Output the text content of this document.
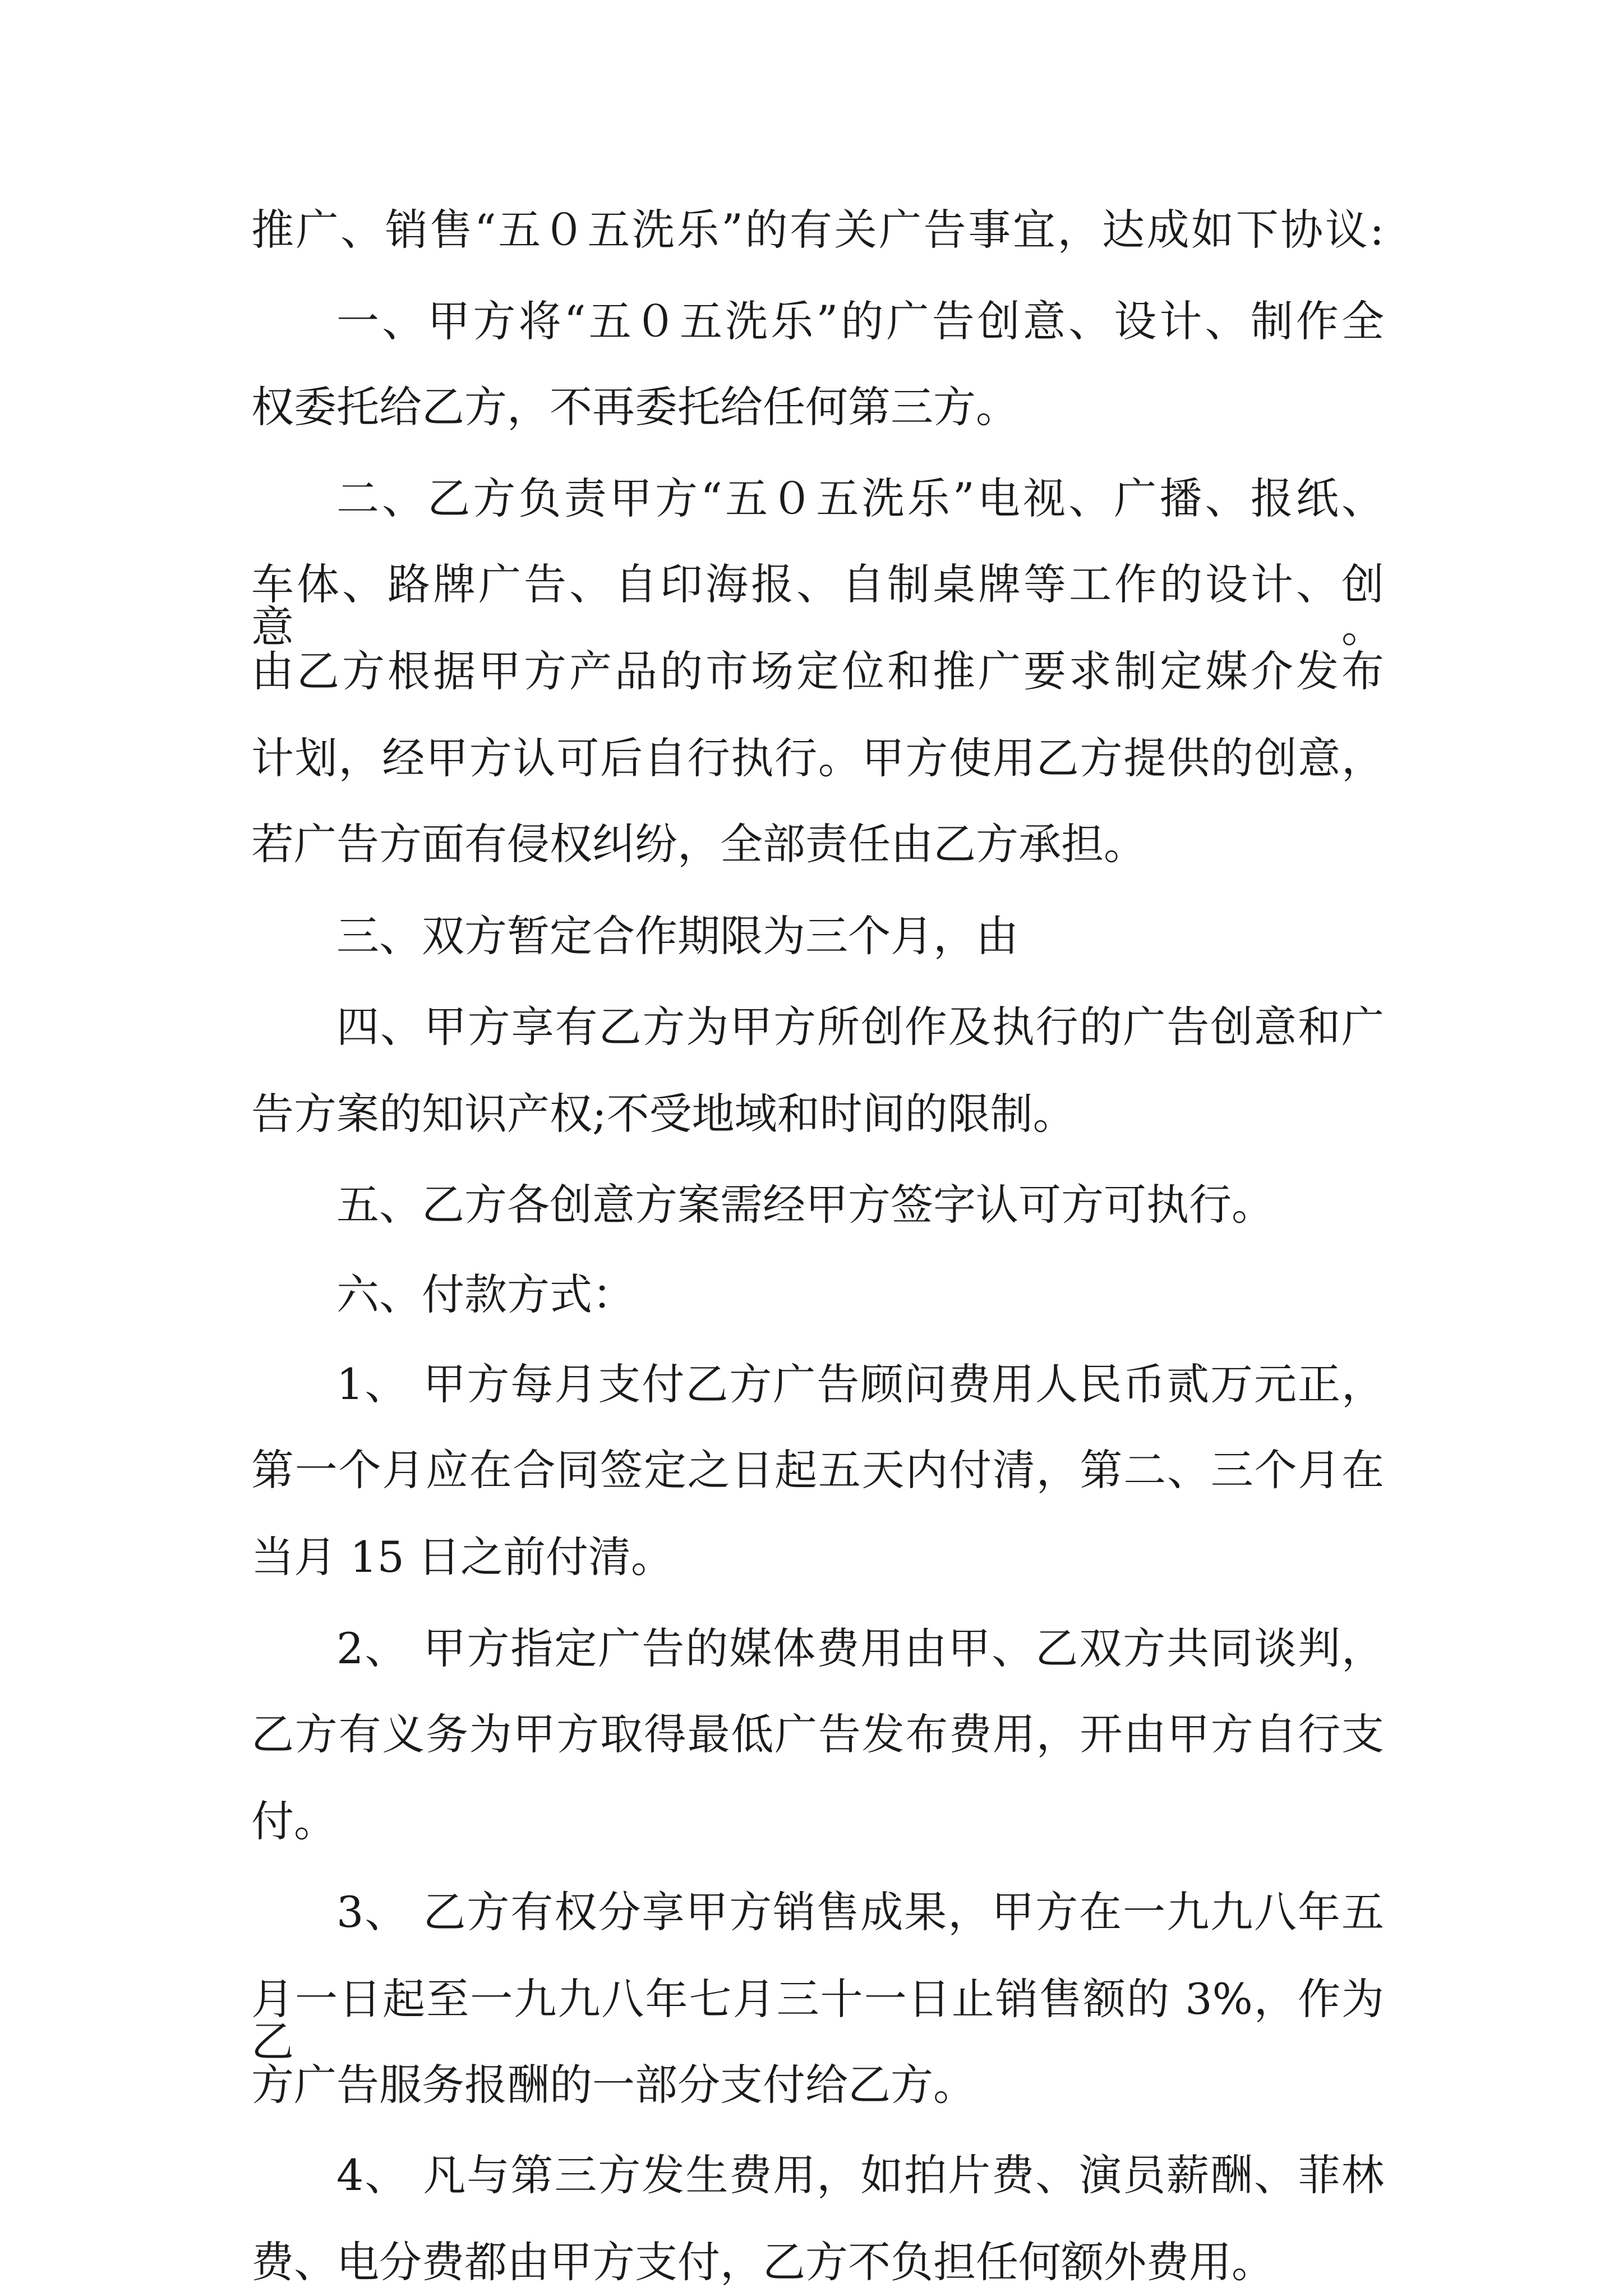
推广、销售“五０五洗乐”的有关广告事宜，达成如下协议:
一、甲方将“五０五洗乐”的广告创意、设计、制作全
权委托给乙方，不再委托给任何第三方。
二、乙方负责甲方“五０五洗乐”电视、广播、报纸、
车体、路牌广告、自印海报、自制桌牌等工作的设计、创意。
由乙方根据甲方产品的市场定位和推广要求制定媒介发布
计划，经甲方认可后自行执行。甲方使用乙方提供的创意，
若广告方面有侵权纠纷，全部责任由乙方承担。
三、双方暂定合作期限为三个月，由
四、甲方享有乙方为甲方所创作及执行的广告创意和广
告方案的知识产权;不受地域和时间的限制。
五、乙方各创意方案需经甲方签字认可方可执行。
六、付款方式：
1、 甲方每月支付乙方广告顾问费用人民币贰万元正，
第一个月应在合同签定之日起五天内付清，第二、三个月在
当月 15 日之前付清。
2、 甲方指定广告的媒体费用由甲、乙双方共同谈判，
乙方有义务为甲方取得最低广告发布费用，开由甲方自行支
付。
3、 乙方有权分享甲方销售成果，甲方在一九九八年五
月一日起至一九九八年七月三十一日止销售额的 3%，作为乙
方广告服务报酬的一部分支付给乙方。
4、 凡与第三方发生费用，如拍片费、演员薪酬、菲林
费、电分费都由甲方支付，乙方不负担任何额外费用。
